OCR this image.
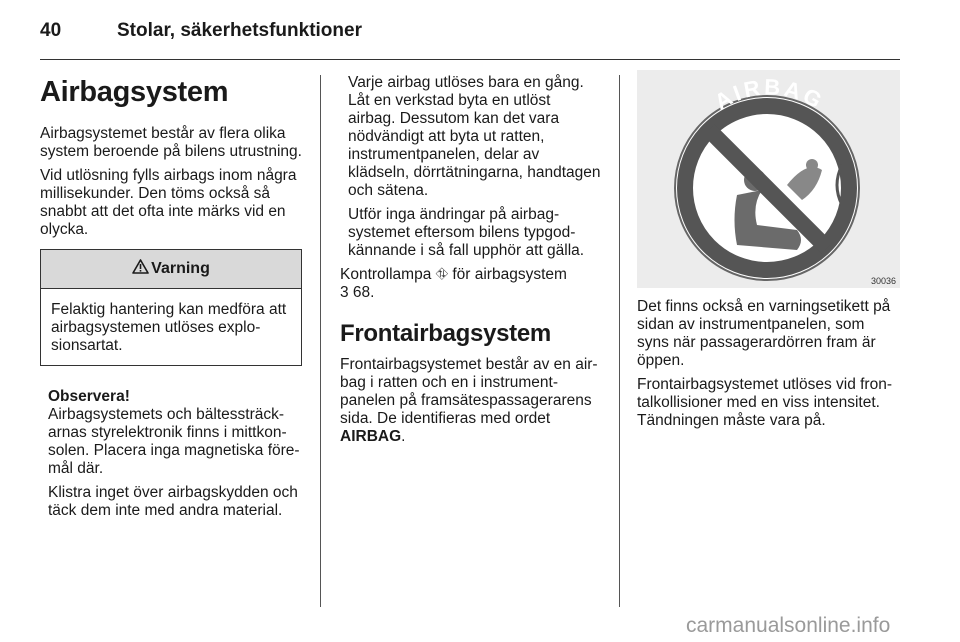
40	Stolar, säkerhetsfunktioner
Airbagsystem

Airbagsystemet består av flera olika system beroende på bilens utrustning.

Vid utlösning fylls airbags inom några millisekunder. Den töms också så snabbt att det ofta inte märks vid en olycka.

Varning

Felaktig hantering kan medföra att airbagsystemen utlöses explosionsartat.

Observera!

Airbagsystemets och bältessträckarnas styrelektronik finns i mittkonsolen. Placera inga magnetiska föremål där.

Klistra inget över airbagskydden och täck dem inte med andra material.

Varje airbag utlöses bara en gång. Låt en verkstad byta en utlöst airbag. Dessutom kan det vara nödvändigt att byta ut ratten, instrumentpanelen, delar av klädseln, dörrtätningarna, handtagen och sätena.

Utför inga ändringar på airbagsystemet eftersom bilens typgodkännande i så fall upphör att gälla.

Kontrollampa ⛗ för airbagsystem
3 68.

Frontairbagsystem

Frontairbagsystemet består av en airbag i ratten och en i instrumentpanelen på framsätespassagerarens sida. De identifieras med ordet AIRBAG.

AIRBAG
30036

Det finns också en varningsetikett på sidan av instrumentpanelen, som syns när passagerardörren fram är öppen.

Frontairbagsystemet utlöses vid frontalkollisioner med en viss intensitet. Tändningen måste vara på.

carmanualsonline.info
